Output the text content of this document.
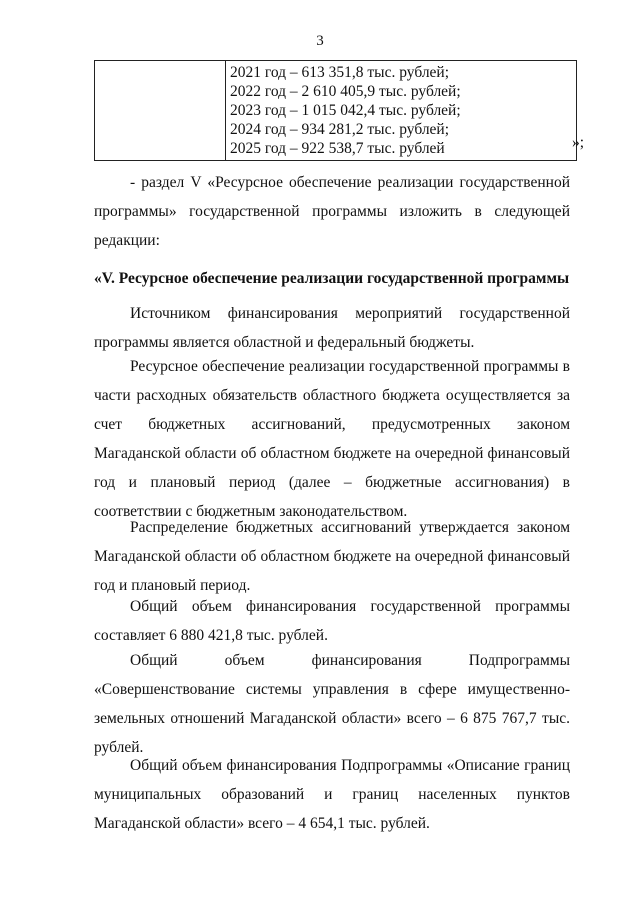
3

2021 год – 613 351,8 тыс. рублей;
2022 год – 2 610 405,9 тыс. рублей;
2023 год – 1 015 042,4 тыс. рублей;
2024 год – 934 281,2 тыс. рублей;
2025 год – 922 538,7 тыс. рублей	»;
- раздел V «Ресурсное обеспечение реализации государственной программы» государственной программы изложить в следующей редакции:
«V. Ресурсное обеспечение реализации государственной программы
Источником финансирования мероприятий государственной программы является областной и федеральный бюджеты.
Ресурсное обеспечение реализации государственной программы в части расходных обязательств областного бюджета осуществляется за счет бюджетных ассигнований, предусмотренных законом Магаданской области об областном бюджете на очередной финансовый год и плановый период (далее – бюджетные ассигнования) в соответствии с бюджетным законодательством.
Распределение бюджетных ассигнований утверждается законом Магаданской области об областном бюджете на очередной финансовый год и плановый период.
Общий объем финансирования государственной программы составляет 6 880 421,8 тыс. рублей.
Общий	объем	финансирования	Подпрограммы
«Совершенствование системы управления в сфере имущественно-земельных отношений Магаданской области» всего – 6 875 767,7 тыс. рублей.
Общий объем финансирования Подпрограммы «Описание границ муниципальных образований и границ населенных пунктов Магаданской области» всего – 4 654,1 тыс. рублей.
